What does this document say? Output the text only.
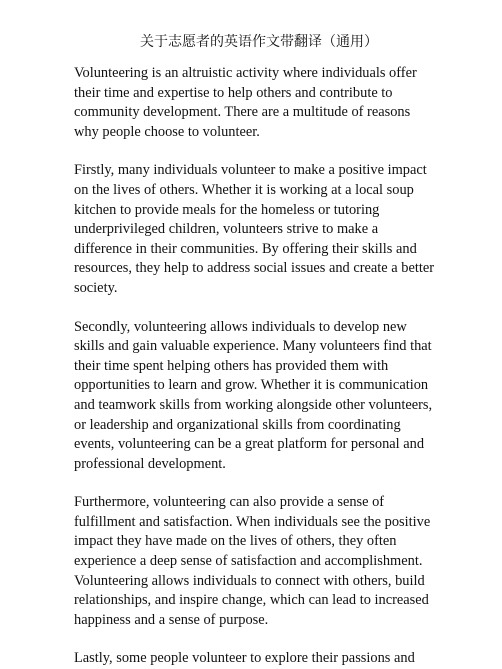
关于志愿者的英语作文带翻译（通用）

Volunteering is an altruistic activity where individuals offer their time and expertise to help others and contribute to community development. There are a multitude of reasons why people choose to volunteer.

Firstly, many individuals volunteer to make a positive impact on the lives of others. Whether it is working at a local soup kitchen to provide meals for the homeless or tutoring underprivileged children, volunteers strive to make a difference in their communities. By offering their skills and resources, they help to address social issues and create a better society.

Secondly, volunteering allows individuals to develop new skills and gain valuable experience. Many volunteers find that their time spent helping others has provided them with opportunities to learn and grow. Whether it is communication and teamwork skills from working alongside other volunteers, or leadership and organizational skills from coordinating events, volunteering can be a great platform for personal and professional development.

Furthermore, volunteering can also provide a sense of fulfillment and satisfaction. When individuals see the positive impact they have made on the lives of others, they often experience a deep sense of satisfaction and accomplishment. Volunteering allows individuals to connect with others, build relationships, and inspire change, which can lead to increased happiness and a sense of purpose.

Lastly, some people volunteer to explore their passions and
